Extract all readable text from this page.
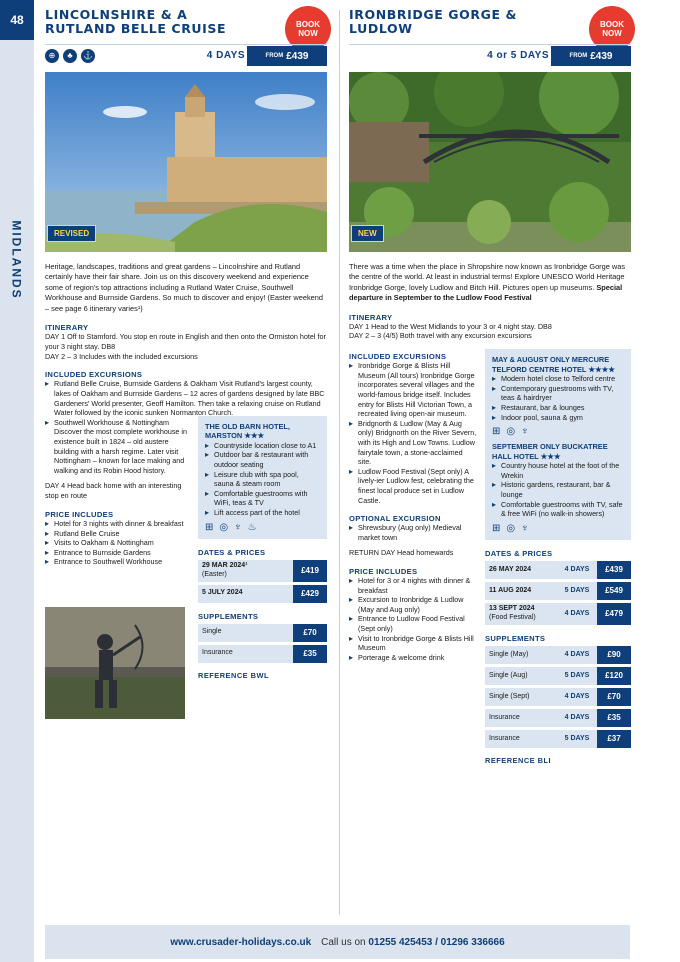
48
MIDLANDS
LINCOLNSHIRE & A RUTLAND BELLE CRUISE	BOOK
NOW
⊕	♣	⚓	4 DAYS	FROM £439
REVISED

Heritage, landscapes, traditions and great gardens – Lincolnshire and Rutland certainly have their fair share. Join us on this discovery weekend and experience some of region's top attractions including a Rutland Water Cruise, Southwell Workhouse and Burnside Gardens. So much to discover and enjoy! (Easter weekend – see page 6 itinerary varies¹)

ITINERARY
DAY 1 Off to Stamford. You stop en route in English and then onto the Ormiston hotel for your 3 night stay. DB8
DAY 2 – 3 Includes with the included excursions
INCLUDED EXCURSIONS
▸ Rutland Belle Cruise, Burnside Gardens & Oakham Visit Rutland's largest county, lakes of Oakham and Burnside Gardens – 12 acres of gardens designed by late BBC Gardeners' World presenter, Geoff Hamilton. Then take a relaxing cruise on Rutland Water followed by the iconic sunken Normanton Church.
▸ Southwell Workhouse & Nottingham Discover the most complete workhouse in existence built in 1824 – old austere building with a harsh regime. Later visit Nottingham – known for lace making and walking and its Robin Hood history.
DAY 4 Head back home with an interesting stop en route
PRICE INCLUDES
▸ Hotel for 3 nights with dinner & breakfast
▸ Rutland Belle Cruise
▸ Visits to Oakham & Nottingham
▸ Entrance to Burnside Gardens
▸ Entrance to Southwell Workhouse
THE OLD BARN HOTEL, MARSTON ★★★
▸ Countryside location close to A1
▸ Outdoor bar & restaurant with outdoor seating
▸ Leisure club with spa pool, sauna & steam room
▸ Comfortable guestrooms with WiFi, teas & TV
▸ Lift access part of the hotel
⊞ ◎ ♆ ♨
DATES & PRICES
29 MAR 2024¹
(Easter)	£419
5 JULY 2024	£429
SUPPLEMENTS
Single	£70
Insurance	£35
REFERENCE BWL
IRONBRIDGE GORGE & LUDLOW	BOOK
NOW
4 or 5 DAYS	FROM £439
NEW

There was a time when the place in Shropshire now known as Ironbridge Gorge was the centre of the world. At least in industrial terms! Explore UNESCO World Heritage Ironbridge Gorge, lovely Ludlow and Bitch Hill. Pictures open up museums. Special departure in September to the Ludlow Food Festival

ITINERARY
DAY 1 Head to the West Midlands to your 3 or 4 night stay. DB8
DAY 2 – 3 (4/5) Both travel with any excursion excursions
INCLUDED EXCURSIONS
▸ Ironbridge Gorge & Blists Hill Museum (All tours) Ironbridge Gorge incorporates several villages and the world-famous bridge itself. Includes entry for Blists Hill Victorian Town, a recreated living open-air museum.
▸ Bridgnorth & Ludlow (May & Aug only) Bridgnorth on the River Severn, with its High and Low Towns. Ludlow fairytale town, a stone-acclaimed site.
▸ Ludlow Food Festival (Sept only) A lively-ier Ludlow fest, celebrating the finest local produce set in Ludlow Castle.
OPTIONAL EXCURSION
▸ Shrewsbury (Aug only) Medieval market town
RETURN DAY Head homewards
PRICE INCLUDES
▸ Hotel for 3 or 4 nights with dinner & breakfast
▸ Excursion to Ironbridge & Ludlow (May and Aug only)
▸ Entrance to Ludlow Food Festival (Sept only)
▸ Visit to Ironbridge Gorge & Blists Hill Museum
▸ Porterage & welcome drink
MAY & AUGUST ONLY MERCURE TELFORD CENTRE HOTEL ★★★★
▸ Modern hotel close to Telford centre
▸ Contemporary guestrooms with TV, teas & hairdryer
▸ Restaurant, bar & lounges
▸ Indoor pool, sauna & gym
⊞ ◎ ♆
SEPTEMBER ONLY BUCKATREE HALL HOTEL ★★★
▸ Country house hotel at the foot of the Wrekin
▸ Historic gardens, restaurant, bar & lounge
▸ Comfortable guestrooms with TV, safe & free WiFi (no walk-in showers)
⊞ ◎ ♆
DATES & PRICES
26 MAY 2024	4 DAYS	£439
11 AUG 2024	5 DAYS	£549
13 SEPT 2024
(Food Festival)	4 DAYS	£479
SUPPLEMENTS
Single (May)	4 DAYS	£90
Single (Aug)	5 DAYS	£120
Single (Sept)	4 DAYS	£70
Insurance	4 DAYS	£35
Insurance	5 DAYS	£37
REFERENCE BLI
www.crusader-holidays.co.uk Call us on 01255 425453 / 01296 336666
